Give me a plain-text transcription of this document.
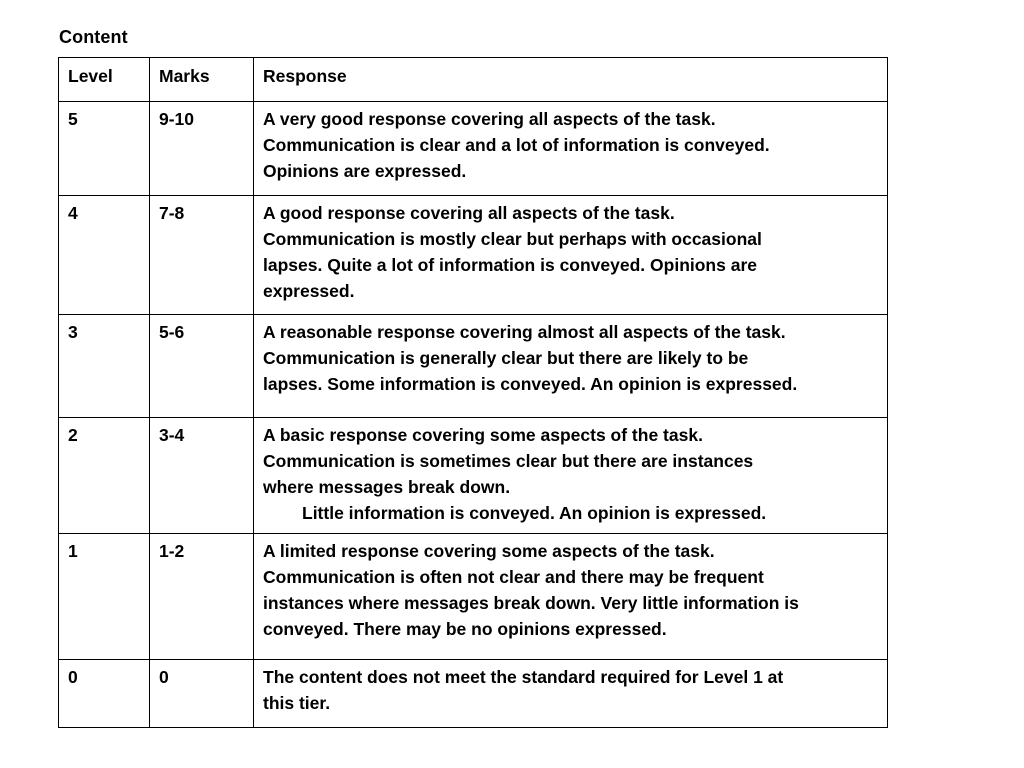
Content
Level	Marks	Response
5	9-10	A very good response covering all aspects of the task.
Communication is clear and a lot of information is conveyed.
Opinions are expressed.

4	7-8	A good response covering all aspects of the task.
Communication is mostly clear but perhaps with occasional
lapses. Quite a lot of information is conveyed. Opinions are
expressed.

3	5-6	A reasonable response covering almost all aspects of the task.
Communication is generally clear but there are likely to be
lapses. Some information is conveyed. An opinion is expressed.

2	3-4	A basic response covering some aspects of the task.
Communication is sometimes clear but there are instances
where messages break down.
Little information is conveyed. An opinion is expressed.

1	1-2	A limited response covering some aspects of the task.
Communication is often not clear and there may be frequent
instances where messages break down. Very little information is
conveyed. There may be no opinions expressed.

0	0	The content does not meet the standard required for Level 1 at
this tier.
